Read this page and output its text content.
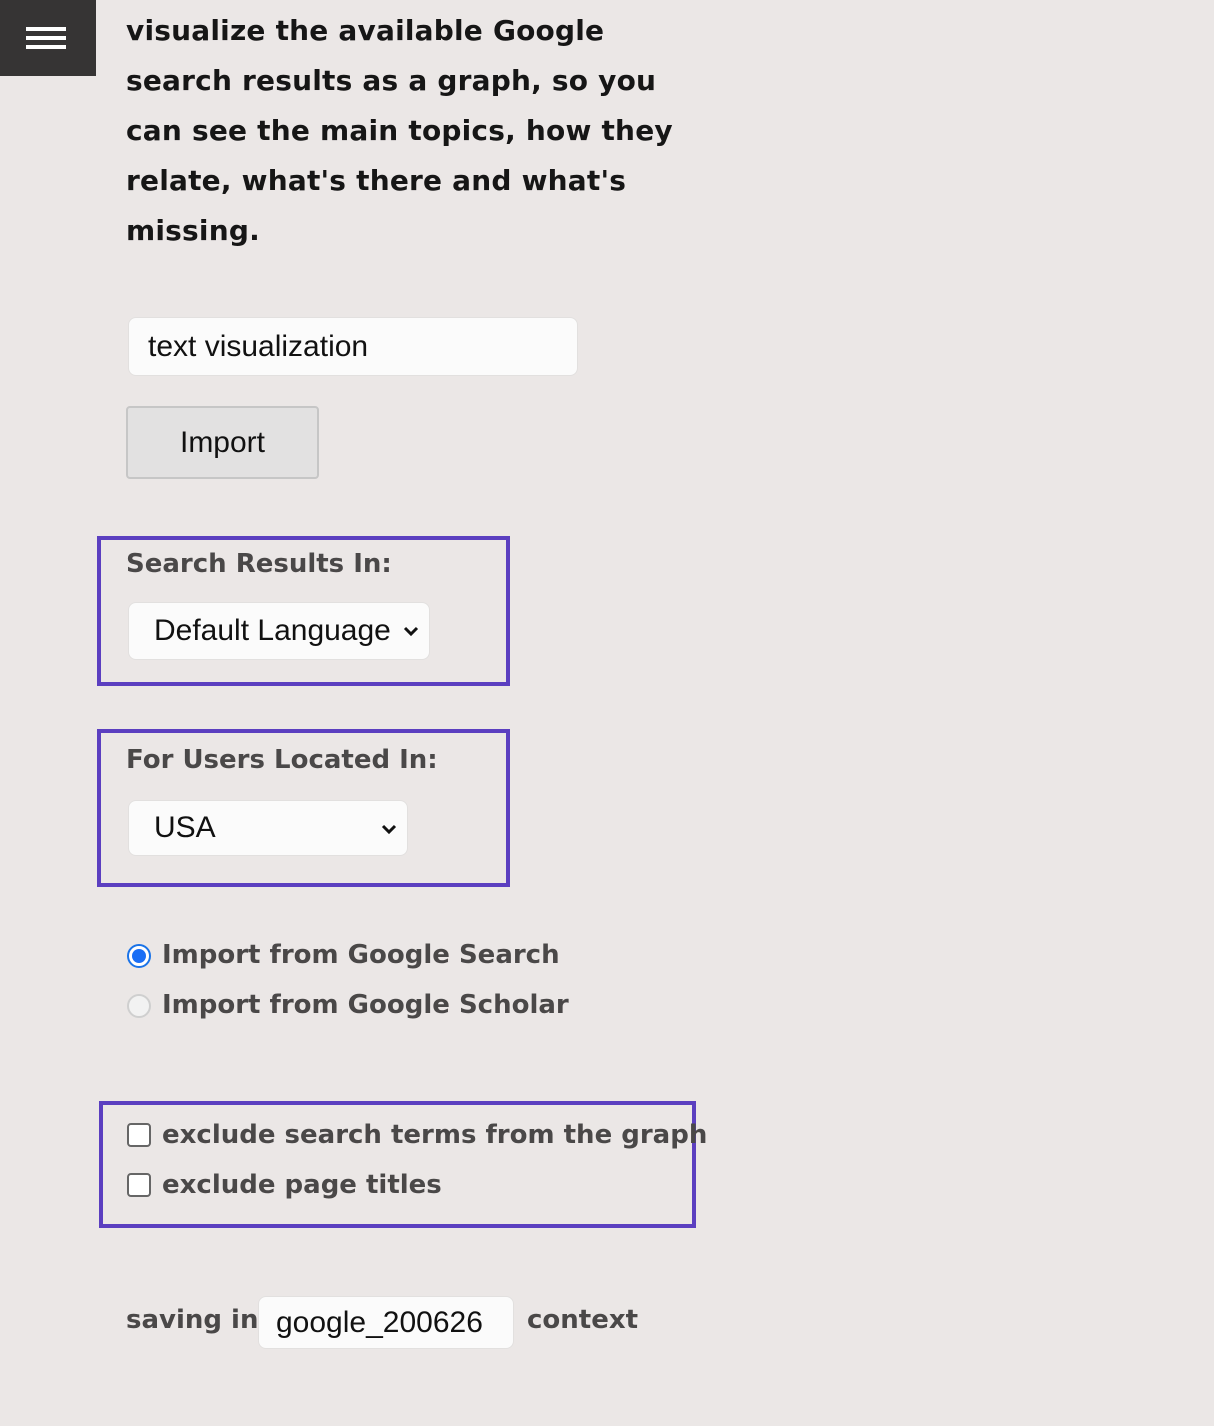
visualize the available Google
search results as a graph, so you
can see the main topics, how they
relate, what's there and what's
missing.
text visualization
Import
Search Results In:
Default Language
For Users Located In:
USA
Import from Google Search
Import from Google Scholar
exclude search terms from the graph
exclude page titles
saving in google_200626	context
